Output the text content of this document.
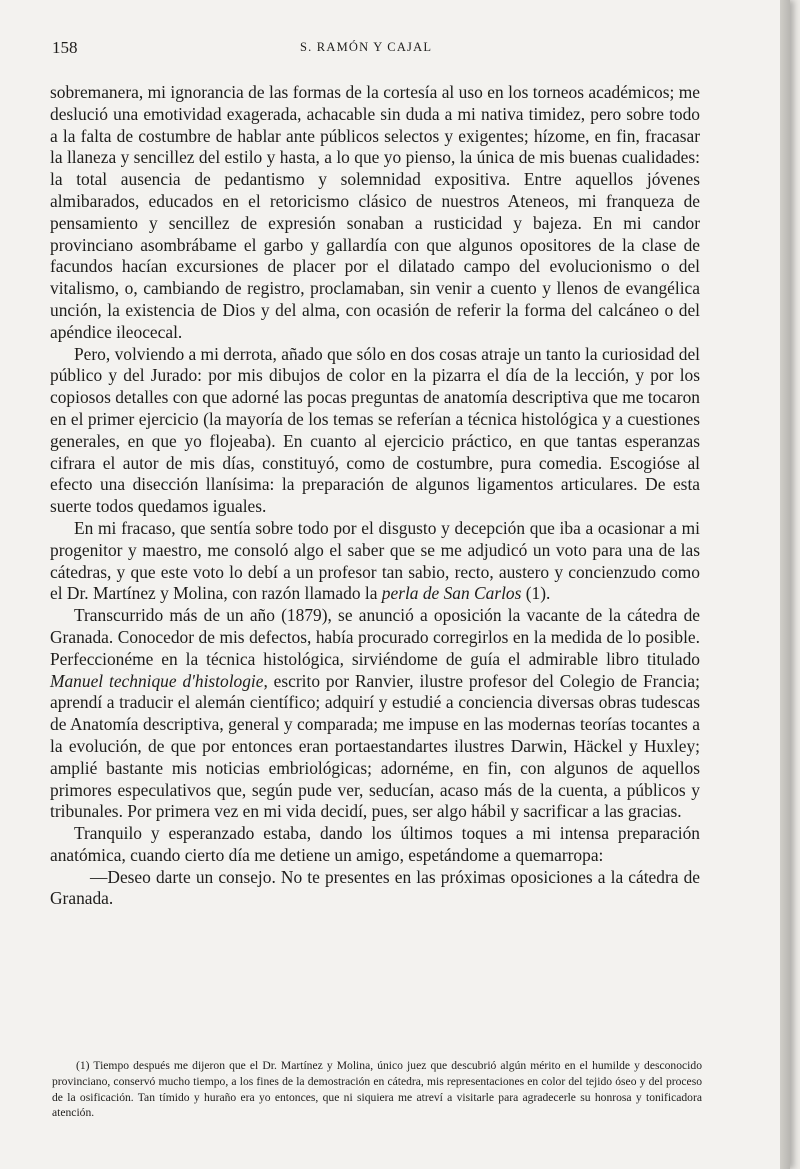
158	S. RAMÓN Y CAJAL

sobremanera, mi ignorancia de las formas de la cortesía al uso en los torneos académicos; me deslució una emotividad exagerada, achacable sin duda a mi nativa timidez, pero sobre todo a la falta de costumbre de hablar ante públicos selectos y exigentes; hízome, en fin, fracasar la llaneza y sencillez del estilo y hasta, a lo que yo pienso, la única de mis buenas cualidades: la total ausencia de pedantismo y solemnidad expositiva. Entre aquellos jóvenes almibarados, educados en el retoricismo clásico de nuestros Ateneos, mi franqueza de pensamiento y sencillez de expresión sonaban a rusticidad y bajeza. En mi candor provinciano asombrábame el garbo y gallardía con que algunos opositores de la clase de facundos hacían excursiones de placer por el dilatado campo del evolucionismo o del vitalismo, o, cambiando de registro, proclamaban, sin venir a cuento y llenos de evangélica unción, la existencia de Dios y del alma, con ocasión de referir la forma del calcáneo o del apéndice ileocecal.

Pero, volviendo a mi derrota, añado que sólo en dos cosas atraje un tanto la curiosidad del público y del Jurado: por mis dibujos de color en la pizarra el día de la lección, y por los copiosos detalles con que adorné las pocas preguntas de anatomía descriptiva que me tocaron en el primer ejercicio (la mayoría de los temas se referían a técnica histológica y a cuestiones generales, en que yo flojeaba). En cuanto al ejercicio práctico, en que tantas esperanzas cifrara el autor de mis días, constituyó, como de costumbre, pura comedia. Escogióse al efecto una disección llanísima: la preparación de algunos ligamentos articulares. De esta suerte todos quedamos iguales.

En mi fracaso, que sentía sobre todo por el disgusto y decepción que iba a ocasionar a mi progenitor y maestro, me consoló algo el saber que se me adjudicó un voto para una de las cátedras, y que este voto lo debí a un profesor tan sabio, recto, austero y concienzudo como el Dr. Martínez y Molina, con razón llamado la perla de San Carlos (1).

Transcurrido más de un año (1879), se anunció a oposición la vacante de la cátedra de Granada. Conocedor de mis defectos, había procurado corregirlos en la medida de lo posible. Perfeccionéme en la técnica histológica, sirviéndome de guía el admirable libro titulado Manuel technique d'histologie, escrito por Ranvier, ilustre profesor del Colegio de Francia; aprendí a traducir el alemán científico; adquirí y estudié a conciencia diversas obras tudescas de Anatomía descriptiva, general y comparada; me impuse en las modernas teorías tocantes a la evolución, de que por entonces eran portaestandartes ilustres Darwin, Häckel y Huxley; amplié bastante mis noticias embriológicas; adornéme, en fin, con algunos de aquellos primores especulativos que, según pude ver, seducían, acaso más de la cuenta, a públicos y tribunales. Por primera vez en mi vida decidí, pues, ser algo hábil y sacrificar a las gracias.

Tranquilo y esperanzado estaba, dando los últimos toques a mi intensa preparación anatómica, cuando cierto día me detiene un amigo, espetándome a quemarropa:

—Deseo darte un consejo. No te presentes en las próximas oposiciones a la cátedra de Granada.

(1) Tiempo después me dijeron que el Dr. Martínez y Molina, único juez que descubrió algún mérito en el humilde y desconocido provinciano, conservó mucho tiempo, a los fines de la demostración en cátedra, mis representaciones en color del tejido óseo y del proceso de la osificación. Tan tímido y huraño era yo entonces, que ni siquiera me atreví a visitarle para agradecerle su honrosa y tonificadora atención.
